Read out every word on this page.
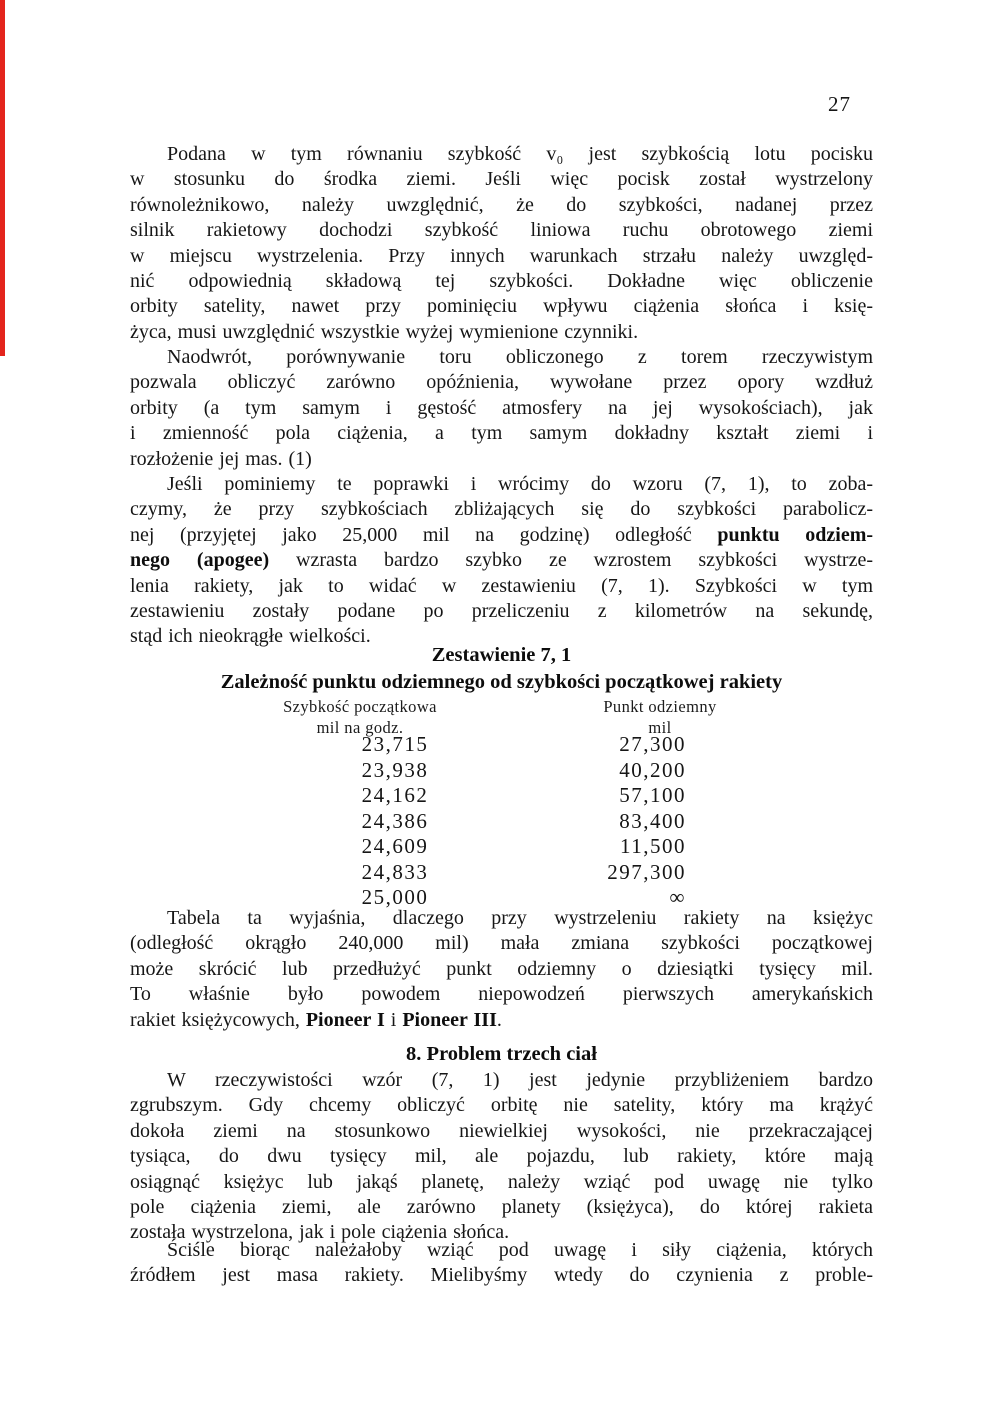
27
Podana w tym równaniu szybkość v₀ jest szybkością lotu pocisku
w stosunku do środka ziemi. Jeśli więc pocisk został wystrzelony
równoleżnikowo, należy uwzględnić, że do szybkości, nadanej przez
silnik rakietowy dochodzi szybkość liniowa ruchu obrotowego ziemi
w miejscu wystrzelenia. Przy innych warunkach strzału należy uwzględ-
nić odpowiednią składową tej szybkości. Dokładne więc obliczenie
orbity satelity, nawet przy pominięciu wpływu ciążenia słońca i księ-
życa, musi uwzględnić wszystkie wyżej wymienione czynniki.
Naodwrót, porównywanie toru obliczonego z torem rzeczywistym
pozwala obliczyć zarówno opóźnienia, wywołane przez opory wzdłuż
orbity (a tym samym i gęstość atmosfery na jej wysokościach), jak
i zmienność pola ciążenia, a tym samym dokładny kształt ziemi i
rozłożenie jej mas. (1)
Jeśli pominiemy te poprawki i wrócimy do wzoru (7, 1), to zoba-
czymy, że przy szybkościach zbliżających się do szybkości parabolicz-
nej (przyjętej jako 25,000 mil na godzinę) odległość punktu odziem-
nego (apogee) wzrasta bardzo szybko ze wzrostem szybkości wystrze-
lenia rakiety, jak to widać w zestawieniu (7, 1). Szybkości w tym
zestawieniu zostały podane po przeliczeniu z kilometrów na sekundę,
stąd ich nieokrągłe wielkości.
Zestawienie 7, 1
Zależność punktu odziemnego od szybkości początkowej rakiety
Szybkość początkowa
mil na godz.
Punkt odziemny
mil
23,715	27,300
23,938	40,200
24,162	57,100
24,386	83,400
24,609	11,500
24,833	297,300
25,000	∞
Tabela ta wyjaśnia, dlaczego przy wystrzeleniu rakiety na księżyc
(odległość okrągło 240,000 mil) mała zmiana szybkości początkowej
może skrócić lub przedłużyć punkt odziemny o dziesiątki tysięcy mil.
To właśnie było powodem niepowodzeń pierwszych amerykańskich
rakiet księżycowych, Pioneer I i Pioneer III.
8. Problem trzech ciał
W rzeczywistości wzór (7, 1) jest jedynie przybliżeniem bardzo
zgrubszym. Gdy chcemy obliczyć orbitę nie satelity, który ma krążyć
dokoła ziemi na stosunkowo niewielkiej wysokości, nie przekraczającej
tysiąca, do dwu tysięcy mil, ale pojazdu, lub rakiety, które mają
osiągnąć księżyc lub jakąś planetę, należy wziąć pod uwagę nie tylko
pole ciążenia ziemi, ale zarówno planety (księżyca), do której rakieta
została wystrzelona, jak i pole ciążenia słońca.
Ściśle biorąc należałoby wziąć pod uwagę i siły ciążenia, których
źródłem jest masa rakiety. Mielibyśmy wtedy do czynienia z proble-
